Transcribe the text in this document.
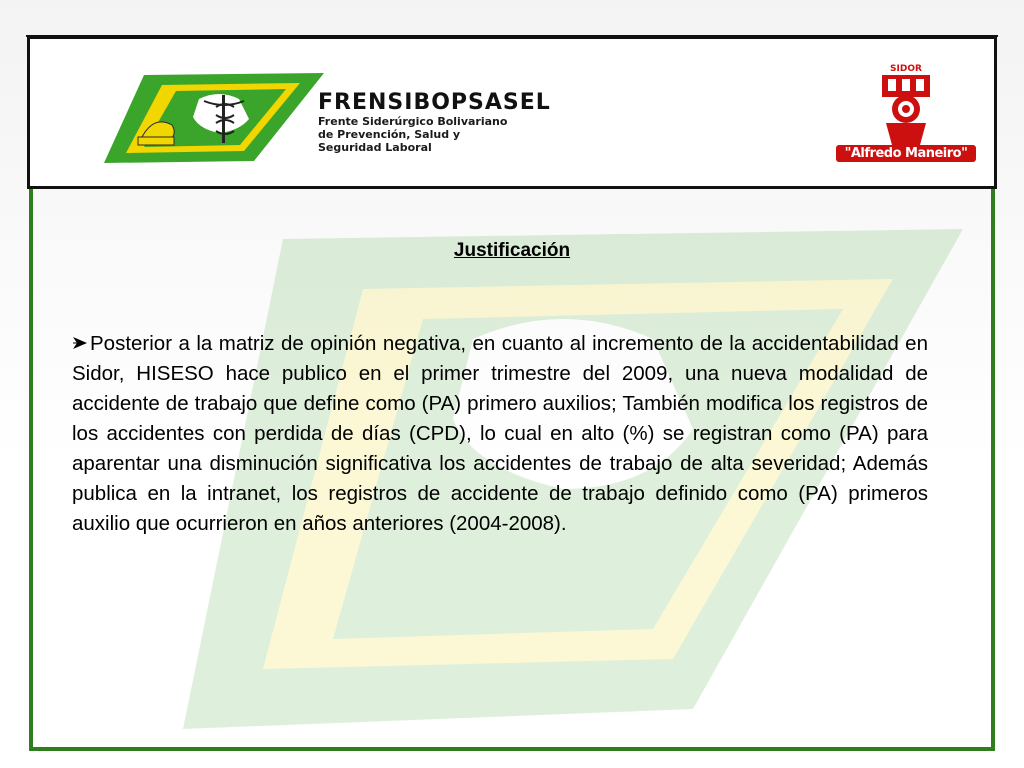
FRENSIBOPSASEL
Frente Siderúrgico Bolivariano
de Prevención, Salud y
Seguridad Laboral
SIDOR
"Alfredo Maneiro"
Justificación
Posterior a la matriz de opinión negativa, en cuanto al incremento de la accidentabilidad en Sidor, HISESO hace publico en el primer trimestre del 2009, una nueva modalidad de accidente de trabajo que define como (PA) primero auxilios; También modifica los registros de los accidentes con perdida de días (CPD), lo cual en alto (%) se registran como (PA) para aparentar una disminución significativa los accidentes de trabajo de alta severidad; Además publica en la intranet, los registros de accidente de trabajo definido como (PA) primeros auxilio que ocurrieron en años anteriores (2004-2008).
